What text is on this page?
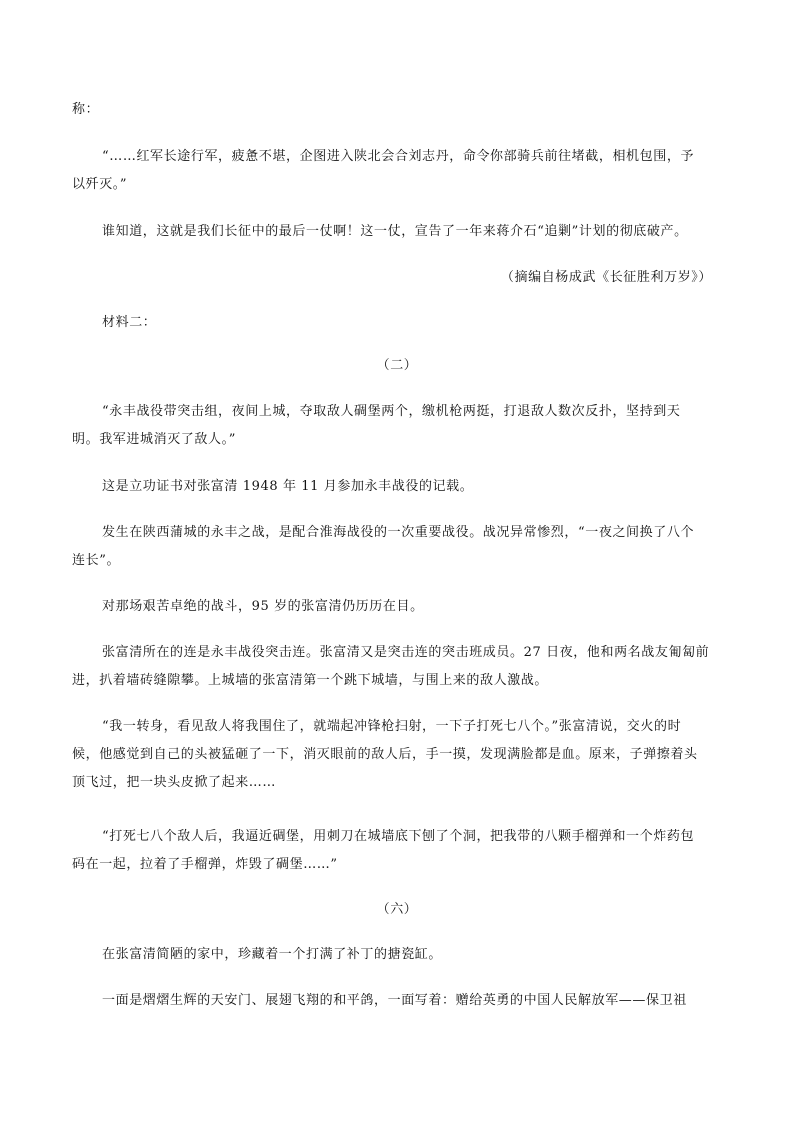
称：
“……红军长途行军，疲惫不堪，企图进入陕北会合刘志丹，命令你部骑兵前往堵截，相机包围，予
以歼灭。”
谁知道，这就是我们长征中的最后一仗啊！这一仗，宣告了一年来蒋介石“追剿”计划的彻底破产。
（摘编自杨成武《长征胜利万岁》）
材料二：
（二）
“永丰战役带突击组，夜间上城，夺取敌人碉堡两个，缴机枪两挺，打退敌人数次反扑，坚持到天
明。我军进城消灭了敌人。”
这是立功证书对张富清 1948 年 11 月参加永丰战役的记载。
发生在陕西蒲城的永丰之战，是配合淮海战役的一次重要战役。战况异常惨烈，“一夜之间换了八个
连长”。
对那场艰苦卓绝的战斗，95 岁的张富清仍历历在目。
张富清所在的连是永丰战役突击连。张富清又是突击连的突击班成员。27 日夜，他和两名战友匍匐前
进，扒着墙砖缝隙攀。上城墙的张富清第一个跳下城墙，与围上来的敌人激战。
“我一转身，看见敌人将我围住了，就端起冲锋枪扫射，一下子打死七八个。”张富清说，交火的时
候，他感觉到自己的头被猛砸了一下，消灭眼前的敌人后，手一摸，发现满脸都是血。原来，子弹擦着头
顶飞过，把一块头皮掀了起来……
“打死七八个敌人后，我逼近碉堡，用刺刀在城墙底下刨了个洞，把我带的八颗手榴弹和一个炸药包
码在一起，拉着了手榴弹，炸毁了碉堡……”
（六）
在张富清简陋的家中，珍藏着一个打满了补丁的搪瓷缸。
一面是熠熠生辉的天安门、展翅飞翔的和平鸽，一面写着：赠给英勇的中国人民解放军——保卫祖
